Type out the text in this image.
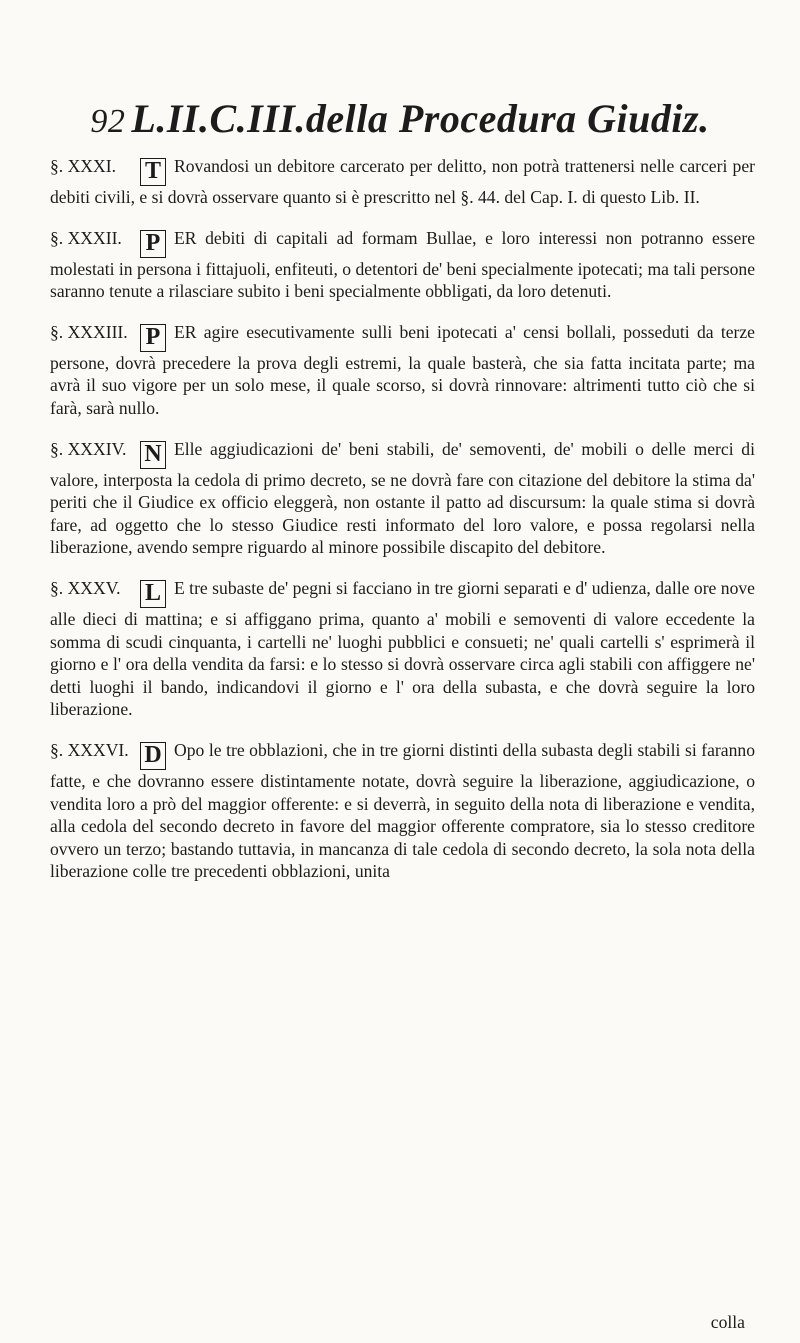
92 L.II.C.III.della Procedura Giudiz.

§. XXXI. T Rovandosi un debitore carcerato per delitto, non potrà trattenersi nelle carceri per debiti civili, e si dovrà osservare quanto si è prescritto nel §. 44. del Cap. I. di questo Lib. II.

§. XXXII. P ER debiti di capitali ad formam Bullae, e loro interessi non potranno essere molestati in persona i fittajuoli, enfiteuti, o detentori de' beni specialmente ipotecati; ma tali persone saranno tenute a rilasciare subito i beni specialmente obbligati, da loro detenuti.

§. XXXIII. P ER agire esecutivamente sulli beni ipotecati a' censi bollali, posseduti da terze persone, dovrà precedere la prova degli estremi, la quale basterà, che sia fatta incitata parte; ma avrà il suo vigore per un solo mese, il quale scorso, si dovrà rinnovare: altrimenti tutto ciò che si farà, sarà nullo.

§. XXXIV. N Elle aggiudicazioni de' beni stabili, de' semoventi, de' mobili o delle merci di valore, interposta la cedola di primo decreto, se ne dovrà fare con citazione del debitore la stima da' periti che il Giudice ex officio eleggerà, non ostante il patto ad discursum: la quale stima si dovrà fare, ad oggetto che lo stesso Giudice resti informato del loro valore, e possa regolarsi nella liberazione, avendo sempre riguardo al minore possibile discapito del debitore.

§. XXXV. L E tre subaste de' pegni si facciano in tre giorni separati e d' udienza, dalle ore nove alle dieci di mattina; e si affiggano prima, quanto a' mobili e semoventi di valore eccedente la somma di scudi cinquanta, i cartelli ne' luoghi pubblici e consueti; ne' quali cartelli s' esprimerà il giorno e l' ora della vendita da farsi: e lo stesso si dovrà osservare circa agli stabili con affiggere ne' detti luoghi il bando, indicandovi il giorno e l' ora della subasta, e che dovrà seguire la loro liberazione.

§. XXXVI. D Opo le tre obblazioni, che in tre giorni distinti della subasta degli stabili si faranno fatte, e che dovranno essere distintamente notate, dovrà seguire la liberazione, aggiudicazione, o vendita loro a prò del maggior offerente: e si deverrà, in seguito della nota di liberazione e vendita, alla cedola del secondo decreto in favore del maggior offerente compratore, sia lo stesso creditore ovvero un terzo; bastando tuttavia, in mancanza di tale cedola di secondo decreto, la sola nota della liberazione colle tre precedenti obblazioni, unita

colla
